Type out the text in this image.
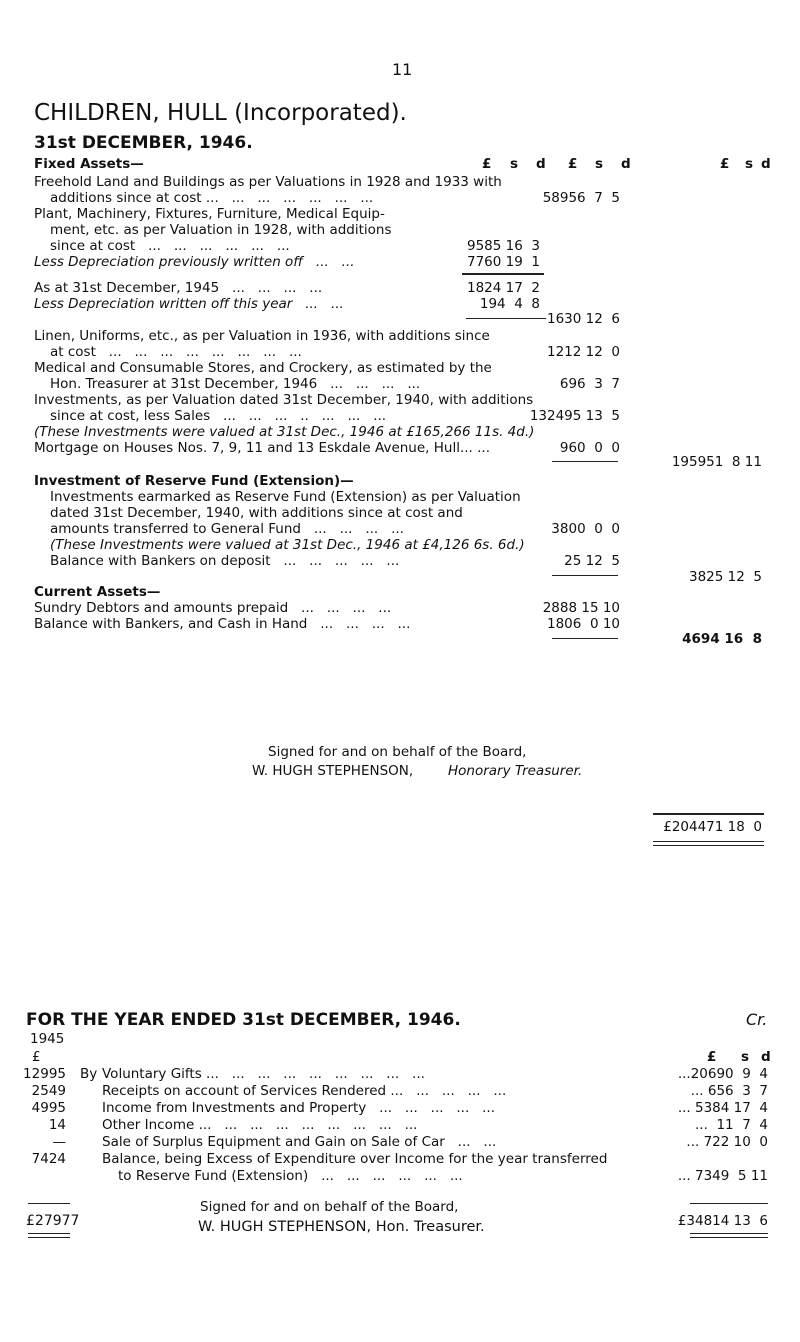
11
CHILDREN, HULL (Incorporated).
31st DECEMBER, 1946.
Fixed Assets—	£ s d £ s d	£ s d
Freehold Land and Buildings as per Valuations in 1928 and 1933 with
additions since at cost ...   ...   ...   ...   ...   ...   ...	58956  7  5
Plant, Machinery, Fixtures, Furniture, Medical Equip-
ment, etc. as per Valuation in 1928, with additions
since at cost   ...   ...   ...   ...   ...   ...	9585 16  3
Less Depreciation previously written off   ...   ...	7760 19  1
As at 31st December, 1945   ...   ...   ...   ...	1824 17  2
Less Depreciation written off this year   ...   ...	194  4  8
1630 12  6
Linen, Uniforms, etc., as per Valuation in 1936, with additions since
at cost   ...   ...   ...   ...   ...   ...   ...   ...	1212 12  0
Medical and Consumable Stores, and Crockery, as estimated by the
Hon. Treasurer at 31st December, 1946   ...   ...   ...   ...	696  3  7
Investments, as per Valuation dated 31st December, 1940, with additions
since at cost, less Sales   ...   ...   ...   ..   ...   ...   ...	132495 13  5
(These Investments were valued at 31st Dec., 1946 at £165,266 11s. 4d.)
Mortgage on Houses Nos. 7, 9, 11 and 13 Eskdale Avenue, Hull... ...	960  0  0
195951  8 11
Investment of Reserve Fund (Extension)—
Investments earmarked as Reserve Fund (Extension) as per Valuation
dated 31st December, 1940, with additions since at cost and
amounts transferred to General Fund   ...   ...   ...   ...	3800  0  0
(These Investments were valued at 31st Dec., 1946 at £4,126 6s. 6d.)
Balance with Bankers on deposit   ...   ...   ...   ...   ...	25 12  5
3825 12  5
Current Assets—
Sundry Debtors and amounts prepaid   ...   ...   ...   ...	2888 15 10
Balance with Bankers, and Cash in Hand   ...   ...   ...   ...	1806  0 10
4694 16  8
Signed for and on behalf of the Board,
W. HUGH STEPHENSON,	Honorary Treasurer.
£204471 18  0
FOR THE YEAR ENDED 31st DECEMBER, 1946.	Cr.
1945
£	£ s d
12995 By Voluntary Gifts ...   ...   ...   ...   ...   ...   ...   ...   ...	...20690  9  4
2549	Receipts on account of Services Rendered ...   ...   ...   ...   ...	... 656  3  7
4995	Income from Investments and Property   ...   ...   ...   ...   ...	... 5384 17  4
14	Other Income ...   ...   ...   ...   ...   ...   ...   ...   ...	...  11  7  4
—	Sale of Surplus Equipment and Gain on Sale of Car   ...   ...	... 722 10  0
7424	Balance, being Excess of Expenditure over Income for the year transferred
to Reserve Fund (Extension)   ...   ...   ...   ...   ...   ...	... 7349  5 11
Signed for and on behalf of the Board,
W. HUGH STEPHENSON, Hon. Treasurer.
£27977	£34814 13  6
